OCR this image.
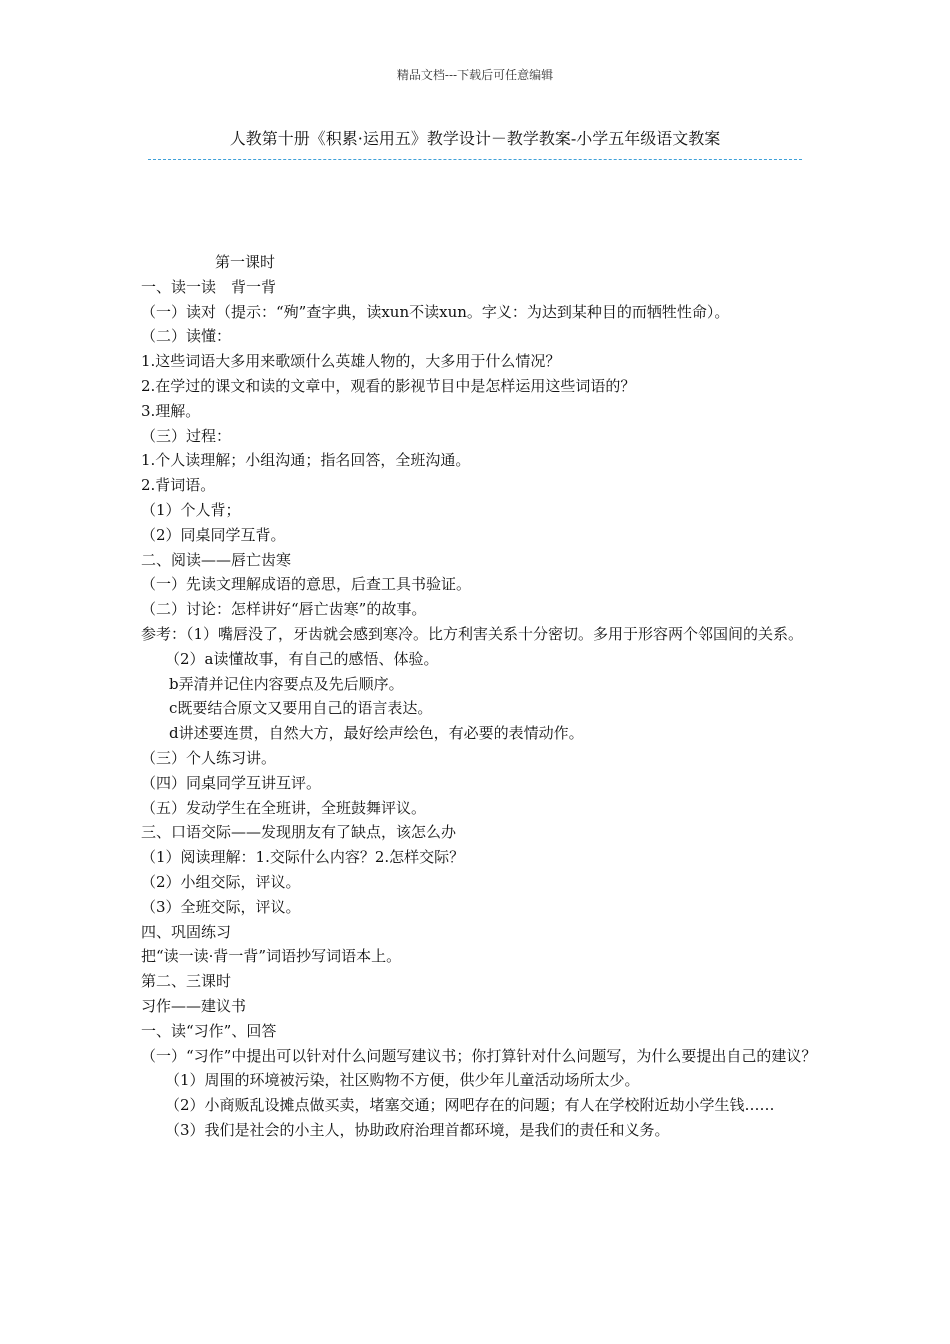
精品文档---下载后可任意编辑
人教第十册《积累·运用五》教学设计－教学教案-小学五年级语文教案
第一课时
一、读一读　背一背
（一）读对（提示：“殉”查字典，读xun不读xun。字义：为达到某种目的而牺牲性命）。
（二）读懂：
1.这些词语大多用来歌颂什么英雄人物的，大多用于什么情况？
2.在学过的课文和读的文章中，观看的影视节目中是怎样运用这些词语的？
3.理解。
（三）过程：
1.个人读理解；小组沟通；指名回答，全班沟通。
2.背词语。
（1）个人背；
（2）同桌同学互背。
二、阅读——唇亡齿寒
（一）先读文理解成语的意思，后查工具书验证。
（二）讨论：怎样讲好“唇亡齿寒”的故事。
参考：（1）嘴唇没了，牙齿就会感到寒冷。比方利害关系十分密切。多用于形容两个邻国间的关系。
（2）a读懂故事，有自己的感悟、体验。
b弄清并记住内容要点及先后顺序。
c既要结合原文又要用自己的语言表达。
d讲述要连贯，自然大方，最好绘声绘色，有必要的表情动作。
（三）个人练习讲。
（四）同桌同学互讲互评。
（五）发动学生在全班讲，全班鼓舞评议。
三、口语交际——发现朋友有了缺点，该怎么办
（1）阅读理解：1.交际什么内容？2.怎样交际？
（2）小组交际，评议。
（3）全班交际，评议。
四、巩固练习
把“读一读·背一背”词语抄写词语本上。
第二、三课时
习作——建议书
一、读“习作”、回答
（一）“习作”中提出可以针对什么问题写建议书；你打算针对什么问题写，为什么要提出自己的建议？
（1）周围的环境被污染，社区购物不方便，供少年儿童活动场所太少。
（2）小商贩乱设摊点做买卖，堵塞交通；网吧存在的问题；有人在学校附近劫小学生钱……
（3）我们是社会的小主人，协助政府治理首都环境，是我们的责任和义务。
